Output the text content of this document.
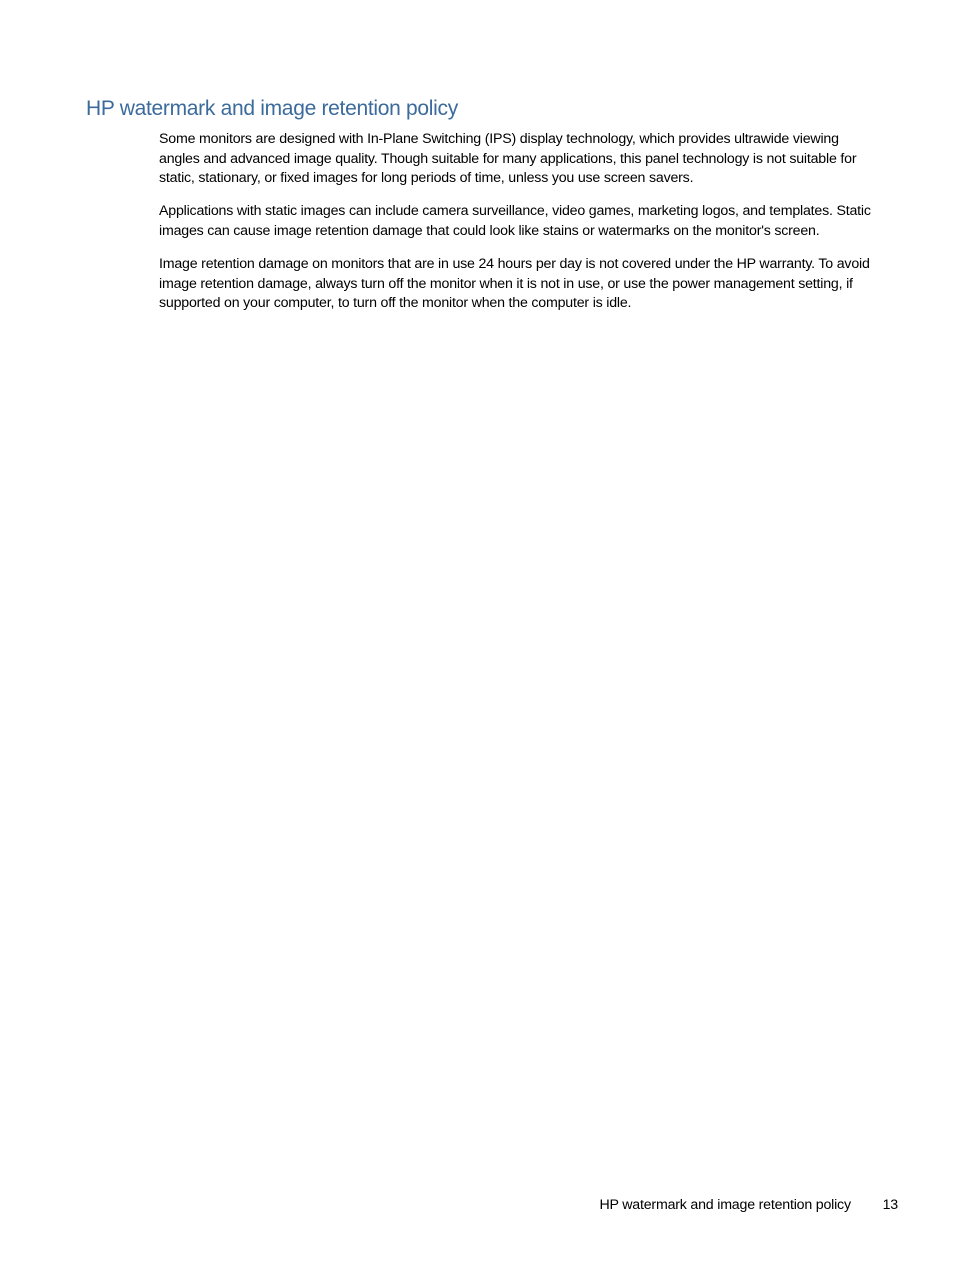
HP watermark and image retention policy

Some monitors are designed with In-Plane Switching (IPS) display technology, which provides ultrawide viewing angles and advanced image quality. Though suitable for many applications, this panel technology is not suitable for static, stationary, or fixed images for long periods of time, unless you use screen savers.

Applications with static images can include camera surveillance, video games, marketing logos, and templates. Static images can cause image retention damage that could look like stains or watermarks on the monitor's screen.

Image retention damage on monitors that are in use 24 hours per day is not covered under the HP warranty. To avoid image retention damage, always turn off the monitor when it is not in use, or use the power management setting, if supported on your computer, to turn off the monitor when the computer is idle.

HP watermark and image retention policy 13
